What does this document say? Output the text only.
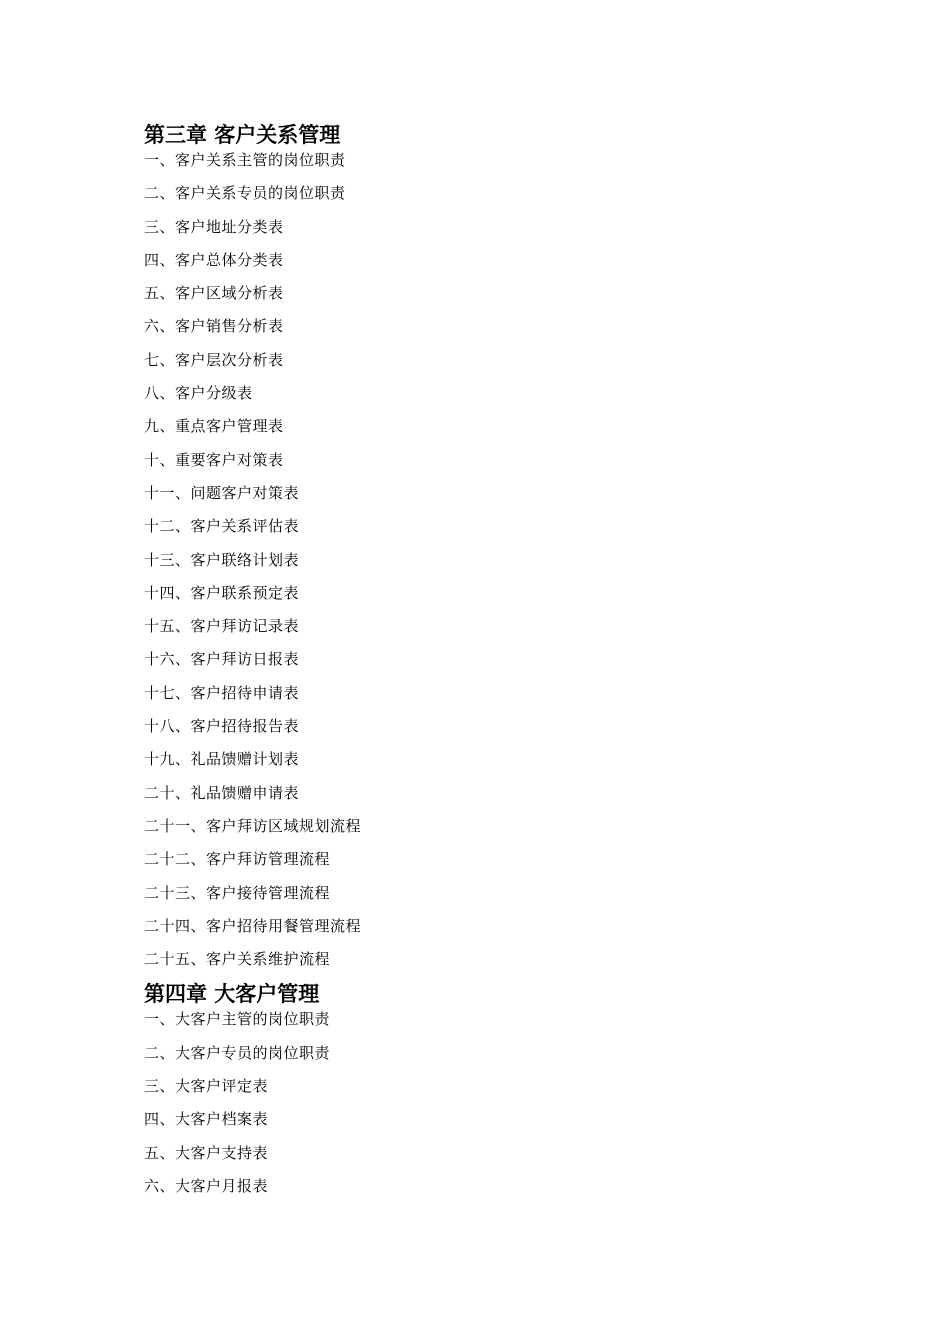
第三章 客户关系管理
一、客户关系主管的岗位职责
二、客户关系专员的岗位职责
三、客户地址分类表
四、客户总体分类表
五、客户区域分析表
六、客户销售分析表
七、客户层次分析表
八、客户分级表
九、重点客户管理表
十、重要客户对策表
十一、问题客户对策表
十二、客户关系评估表
十三、客户联络计划表
十四、客户联系预定表
十五、客户拜访记录表
十六、客户拜访日报表
十七、客户招待申请表
十八、客户招待报告表
十九、礼品馈赠计划表
二十、礼品馈赠申请表
二十一、客户拜访区域规划流程
二十二、客户拜访管理流程
二十三、客户接待管理流程
二十四、客户招待用餐管理流程
二十五、客户关系维护流程
第四章 大客户管理
一、大客户主管的岗位职责
二、大客户专员的岗位职责
三、大客户评定表
四、大客户档案表
五、大客户支持表
六、大客户月报表
